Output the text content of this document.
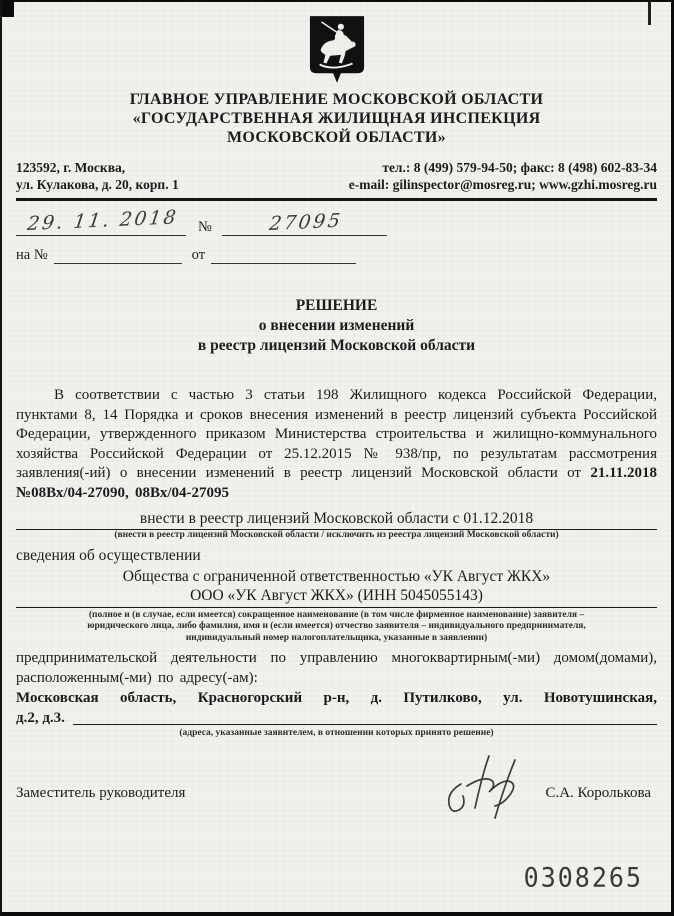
ГЛАВНОЕ УПРАВЛЕНИЕ МОСКОВСКОЙ ОБЛАСТИ
«ГОСУДАРСТВЕННАЯ ЖИЛИЩНАЯ ИНСПЕКЦИЯ
МОСКОВСКОЙ ОБЛАСТИ»
123592, г. Москва,
ул. Кулакова, д. 20, корп. 1
тел.: 8 (499) 579-94-50; факс: 8 (498) 602-83-34
e-mail: gilinspector@mosreg.ru; www.gzhi.mosreg.ru
29. 11. 2018	№	27095
на №	от
РЕШЕНИЕ
о внесении изменений
в реестр лицензий Московской области
В соответствии с частью 3 статьи 198 Жилищного кодекса Российской Федерации, пунктами 8, 14 Порядка и сроков внесения изменений в реестр лицензий субъекта Российской Федерации, утвержденного приказом Министерства строительства и жилищно-коммунального хозяйства Российской Федерации от 25.12.2015 № 938/пр, по результатам рассмотрения заявления(-ий) о внесении изменений в реестр лицензий Московской области от 21.11.2018 №08Вх/04-27090, 08Вх/04-27095
внести в реестр лицензий Московской области с 01.12.2018
(внести в реестр лицензий Московской области / исключить из реестра лицензий Московской области)
сведения об осуществлении
Общества с ограниченной ответственностью «УК Август ЖКХ»
ООО «УК Август ЖКХ» (ИНН 5045055143)
(полное и (в случае, если имеется) сокращенное наименование (в том числе фирменное наименование) заявителя –
юридического лица, либо фамилия, имя и (если имеется) отчество заявителя – индивидуального предпринимателя,
индивидуальный номер налогоплательщика, указанные в заявлении)
предпринимательской деятельности по управлению многоквартирным(-ми) домом(домами), расположенным(-ми) по адресу(-ам):
Московская область, Красногорский р-н, д. Путилково, ул. Новотушинская,
д.2, д.3.
(адреса, указанные заявителем, в отношении которых принято решение)
Заместитель руководителя	С.А. Королькова
0308265
